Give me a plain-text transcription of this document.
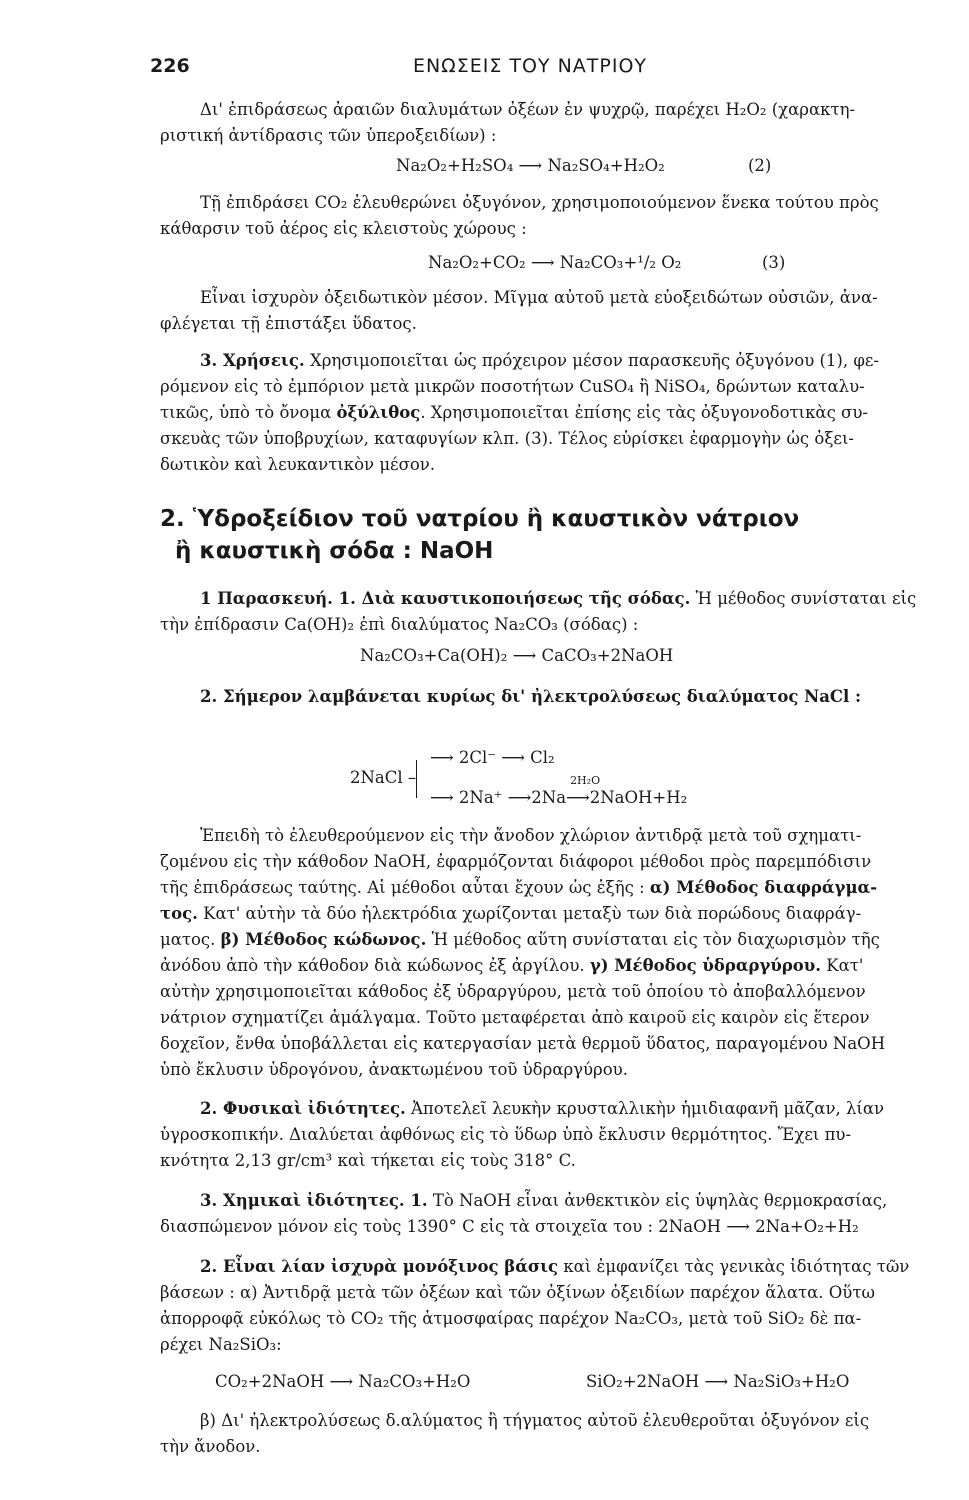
226	ΕΝΩΣΕΙΣ ΤΟΥ ΝΑΤΡΙΟΥ
Δι' ἐπιδράσεως ἀραιῶν διαλυμάτων ὀξέων ἐν ψυχρῷ, παρέχει H₂O₂ (χαρακτη-
ριστική ἀντίδρασις τῶν ὑπεροξειδίων) :
Na₂O₂+H₂SO₄ ⟶ Na₂SO₄+H₂O₂	(2)
Τῇ ἐπιδράσει CO₂ ἐλευθερώνει ὀξυγόνον, χρησιμοποιούμενον ἕνεκα τούτου πρὸς
κάθαρσιν τοῦ ἀέρος εἰς κλειστοὺς χώρους :
Na₂O₂+CO₂ ⟶ Na₂CO₃+¹/₂ O₂	(3)
Εἶναι ἰσχυρὸν ὀξειδωτικὸν μέσον. Μῖγμα αὐτοῦ μετὰ εὐοξειδώτων οὐσιῶν, ἀνα-
φλέγεται τῇ ἐπιστάξει ὕδατος.
3. Χρήσεις. Χρησιμοποιεῖται ὡς πρόχειρον μέσον παρασκευῆς ὀξυγόνου (1), φε-
ρόμενον εἰς τὸ ἐμπόριον μετὰ μικρῶν ποσοτήτων CuSO₄ ἢ NiSO₄, δρώντων καταλυ-
τικῶς, ὑπὸ τὸ ὄνομα ὀξύλιθος. Χρησιμοποιεῖται ἐπίσης εἰς τὰς ὀξυγονοδοτικὰς συ-
σκευὰς τῶν ὑποβρυχίων, καταφυγίων κλπ. (3). Τέλος εὑρίσκει ἐφαρμογὴν ὡς ὀξει-
δωτικὸν καὶ λευκαντικὸν μέσον.
2. Ὑδροξείδιον τοῦ νατρίου ἢ καυστικὸν νάτριον
ἢ καυστικὴ σόδα : NaOH
1 Παρασκευή. 1. Διὰ καυστικοποιήσεως τῆς σόδας. Ἡ μέθοδος συνίσταται εἰς
τὴν ἐπίδρασιν Ca(OH)₂ ἐπὶ διαλύματος Na₂CO₃ (σόδας) :
Na₂CO₃+Ca(OH)₂ ⟶ CaCO₃+2NaOH
2. Σήμερον λαμβάνεται κυρίως δι' ἠλεκτρολύσεως διαλύματος NaCl :
2NaCl –
⟶ 2Cl⁻ ⟶ Cl₂
⟶ 2Na⁺ ⟶2Na
2H₂O
⟶2NaOH+H₂
Ἐπειδὴ τὸ ἐλευθερούμενον εἰς τὴν ἄνοδον χλώριον ἀντιδρᾷ μετὰ τοῦ σχηματι-
ζομένου εἰς τὴν κάθοδον NaOH, ἐφαρμόζονται διάφοροι μέθοδοι πρὸς παρεμπόδισιν
τῆς ἐπιδράσεως ταύτης. Αἱ μέθοδοι αὗται ἔχουν ὡς ἑξῆς : α) Μέθοδος διαφράγμα-
τος. Κατ' αὐτὴν τὰ δύο ἠλεκτρόδια χωρίζονται μεταξὺ των διὰ πορώδους διαφράγ-
ματος. β) Μέθοδος κώδωνος. Ἡ μέθοδος αὕτη συνίσταται εἰς τὸν διαχωρισμὸν τῆς
ἀνόδου ἀπὸ τὴν κάθοδον διὰ κώδωνος ἐξ ἀργίλου. γ) Μέθοδος ὑδραργύρου. Κατ'
αὐτὴν χρησιμοποιεῖται κάθοδος ἐξ ὑδραργύρου, μετὰ τοῦ ὁποίου τὸ ἀποβαλλόμενον
νάτριον σχηματίζει ἀμάλγαμα. Τοῦτο μεταφέρεται ἀπὸ καιροῦ εἰς καιρὸν εἰς ἕτερον
δοχεῖον, ἔνθα ὑποβάλλεται εἰς κατεργασίαν μετὰ θερμοῦ ὕδατος, παραγομένου NaOH
ὑπὸ ἔκλυσιν ὑδρογόνου, ἀνακτωμένου τοῦ ὑδραργύρου.
2. Φυσικαὶ ἰδιότητες. Ἀποτελεῖ λευκὴν κρυσταλλικὴν ἡμιδιαφανῆ μᾶζαν, λίαν
ὑγροσκοπικήν. Διαλύεται ἀφθόνως εἰς τὸ ὕδωρ ὑπὸ ἔκλυσιν θερμότητος. Ἔχει πυ-
κνότητα 2,13 gr/cm³ καὶ τήκεται εἰς τοὺς 318° C.
3. Χημικαὶ ἰδιότητες. 1. Τὸ NaOH εἶναι ἀνθεκτικὸν εἰς ὑψηλὰς θερμοκρασίας,
διασπώμενον μόνον εἰς τοὺς 1390° C εἰς τὰ στοιχεῖα του : 2NaOH ⟶ 2Na+O₂+H₂
2. Εἶναι λίαν ἰσχυρὰ μονόξινος βάσις καὶ ἐμφανίζει τὰς γενικὰς ἰδιότητας τῶν
βάσεων : α) Ἀντιδρᾷ μετὰ τῶν ὀξέων καὶ τῶν ὀξίνων ὀξειδίων παρέχον ἅλατα. Οὕτω
ἀπορροφᾷ εὐκόλως τὸ CO₂ τῆς ἀτμοσφαίρας παρέχον Na₂CO₃, μετὰ τοῦ SiO₂ δὲ πα-
ρέχει Na₂SiO₃:
CO₂+2NaOH ⟶ Na₂CO₃+H₂O	SiO₂+2NaOH ⟶ Na₂SiO₃+H₂O
β) Δι' ἠλεκτρολύσεως δ.αλύματος ἢ τήγματος αὐτοῦ ἐλευθεροῦται ὀξυγόνον εἰς
τὴν ἄνοδον.
